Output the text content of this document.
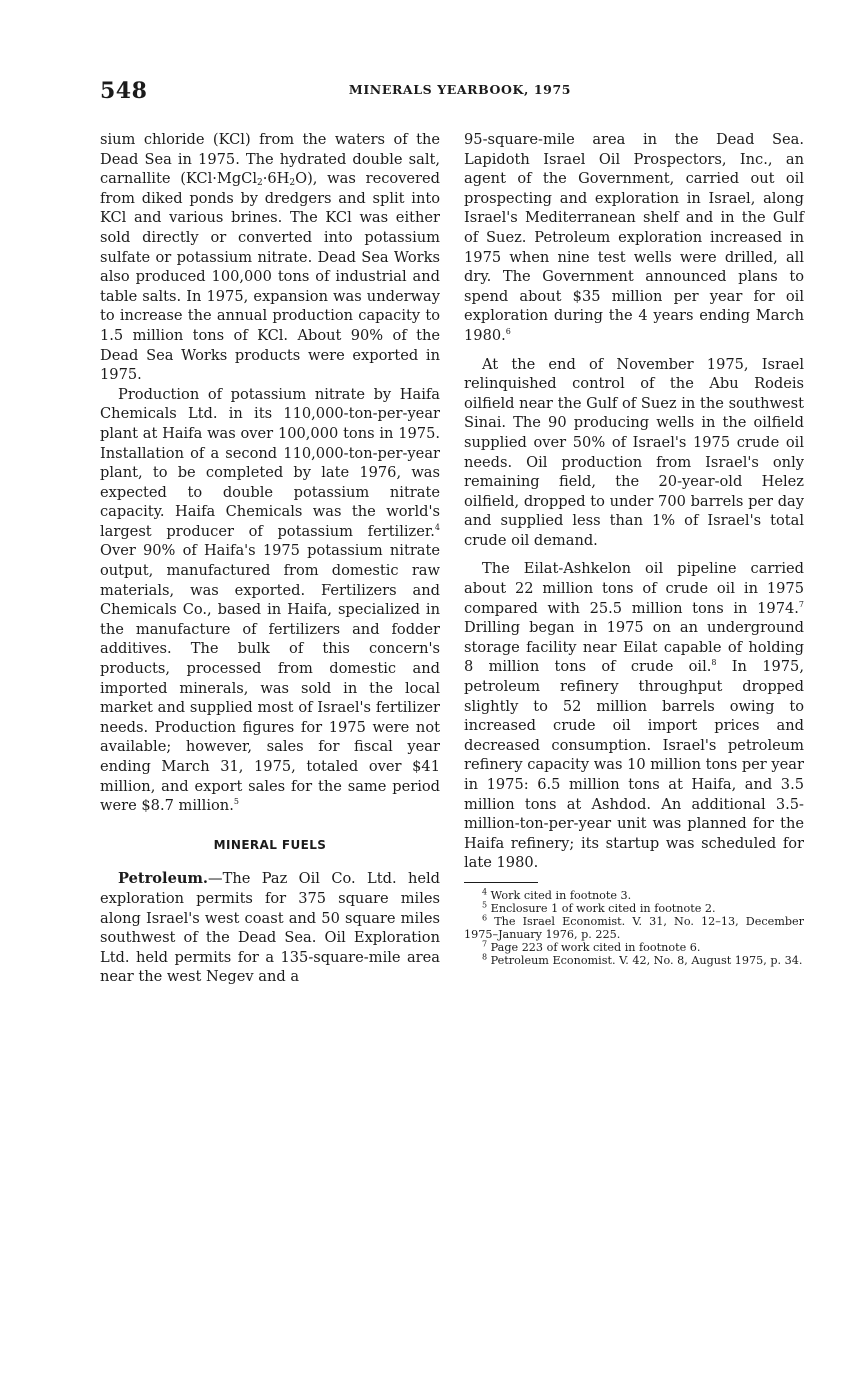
548	MINERALS YEARBOOK, 1975

sium chloride (KCl) from the waters of the Dead Sea in 1975. The hydrated double salt, carnallite $(KCl\cdot MgCl_2\cdot 6H_2O)$, was recovered from diked ponds by dredgers and split into KCl and various brines. The KCl was either sold directly or converted into potassium sulfate or potassium nitrate. Dead Sea Works also produced 100,000 tons of industrial and table salts. In 1975, expansion was underway to increase the annual production capacity to 1.5 million tons of KCl. About 90% of the Dead Sea Works products were exported in 1975.

Production of potassium nitrate by Haifa Chemicals Ltd. in its 110,000-ton-per-year plant at Haifa was over 100,000 tons in 1975. Installation of a second 110,000-ton-per-year plant, to be completed by late 1976, was expected to double potassium nitrate capacity. Haifa Chemicals was the world's largest producer of potassium fertilizer.$^4$ Over 90% of Haifa's 1975 potassium nitrate output, manufactured from domestic raw materials, was exported. Fertilizers and Chemicals Co., based in Haifa, specialized in the manufacture of fertilizers and fodder additives. The bulk of this concern's products, processed from domestic and imported minerals, was sold in the local market and supplied most of Israel's fertilizer needs. Production figures for 1975 were not available; however, sales for fiscal year ending March 31, 1975, totaled over $41 million, and export sales for the same period were $8.7 million.$^5$

MINERAL FUELS

Petroleum.—The Paz Oil Co. Ltd. held exploration permits for 375 square miles along Israel's west coast and 50 square miles southwest of the Dead Sea. Oil Exploration Ltd. held permits for a 135-square-mile area near the west Negev and a

95-square-mile area in the Dead Sea. Lapidoth Israel Oil Prospectors, Inc., an agent of the Government, carried out oil prospecting and exploration in Israel, along Israel's Mediterranean shelf and in the Gulf of Suez. Petroleum exploration increased in 1975 when nine test wells were drilled, all dry. The Government announced plans to spend about $35 million per year for oil exploration during the 4 years ending March 1980.$^6$

At the end of November 1975, Israel relinquished control of the Abu Rodeis oilfield near the Gulf of Suez in the southwest Sinai. The 90 producing wells in the oilfield supplied over 50% of Israel's 1975 crude oil needs. Oil production from Israel's only remaining field, the 20-year-old Helez oilfield, dropped to under 700 barrels per day and supplied less than 1% of Israel's total crude oil demand.

The Eilat-Ashkelon oil pipeline carried about 22 million tons of crude oil in 1975 compared with 25.5 million tons in 1974.$^7$ Drilling began in 1975 on an underground storage facility near Eilat capable of holding 8 million tons of crude oil.$^8$ In 1975, petroleum refinery throughput dropped slightly to 52 million barrels owing to increased crude oil import prices and decreased consumption. Israel's petroleum refinery capacity was 10 million tons per year in 1975: 6.5 million tons at Haifa, and 3.5 million tons at Ashdod. An additional 3.5-million-ton-per-year unit was planned for the Haifa refinery; its startup was scheduled for late 1980.

$^4$ Work cited in footnote 3.

$^5$ Enclosure 1 of work cited in footnote 2.

$^6$ The Israel Economist. V. 31, No. 12–13, December 1975–January 1976, p. 225.

$^7$ Page 223 of work cited in footnote 6.

$^8$ Petroleum Economist. V. 42, No. 8, August 1975, p. 34.
